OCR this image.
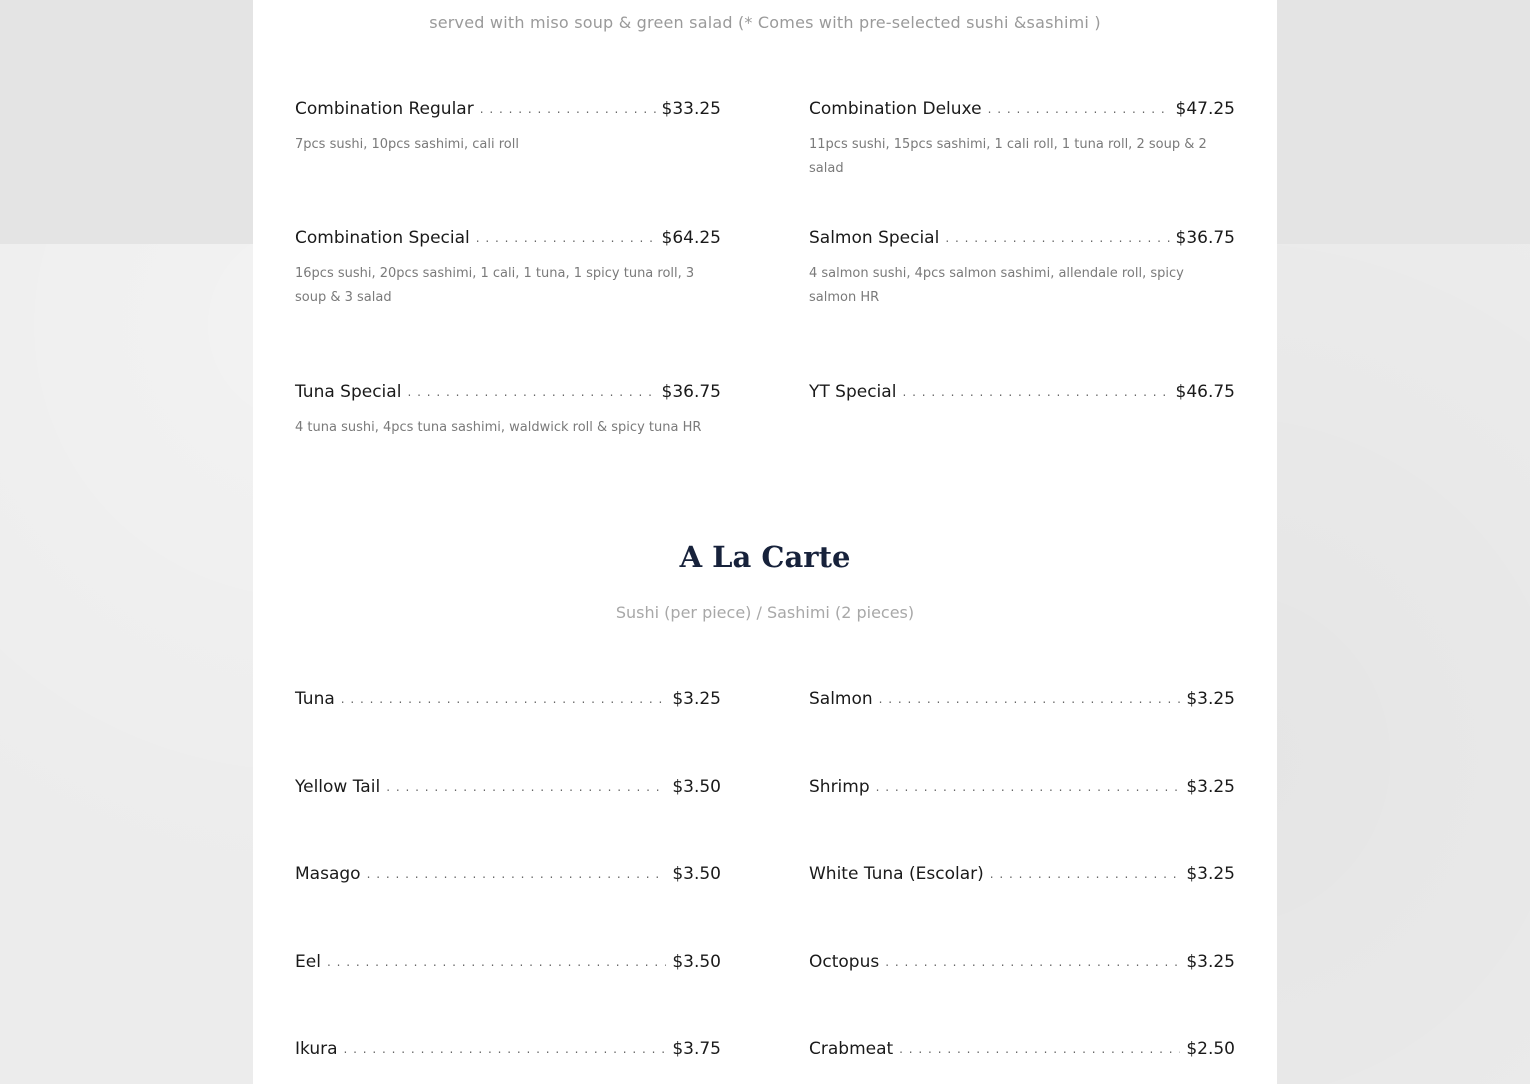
served with miso soup & green salad (* Comes with pre-selected sushi &sashimi )
Combination Regular . . .	$33.25
7pcs sushi, 10pcs sashimi, cali roll
Combination Deluxe . . .	$47.25
11pcs sushi, 15pcs sashimi, 1 cali roll, 1 tuna roll, 2 soup & 2 salad
Combination Special . . .	$64.25
16pcs sushi, 20pcs sashimi, 1 cali, 1 tuna, 1 spicy tuna roll, 3 soup & 3 salad
Salmon Special . . .	$36.75
4 salmon sushi, 4pcs salmon sashimi, allendale roll, spicy salmon HR
Tuna Special . . .	$36.75
4 tuna sushi, 4pcs tuna sashimi, waldwick roll & spicy tuna HR
YT Special . . .	$46.75
A La Carte
Sushi (per piece) / Sashimi (2 pieces)
Tuna . . .	$3.25	Salmon . . .	$3.25
Yellow Tail . . .	$3.50	Shrimp . . .	$3.25
Masago . . .	$3.50	White Tuna (Escolar) . . .	$3.25
Eel . . .	$3.50	Octopus . . .	$3.25
Ikura . . .	$3.75	Crabmeat . . .	$2.50
